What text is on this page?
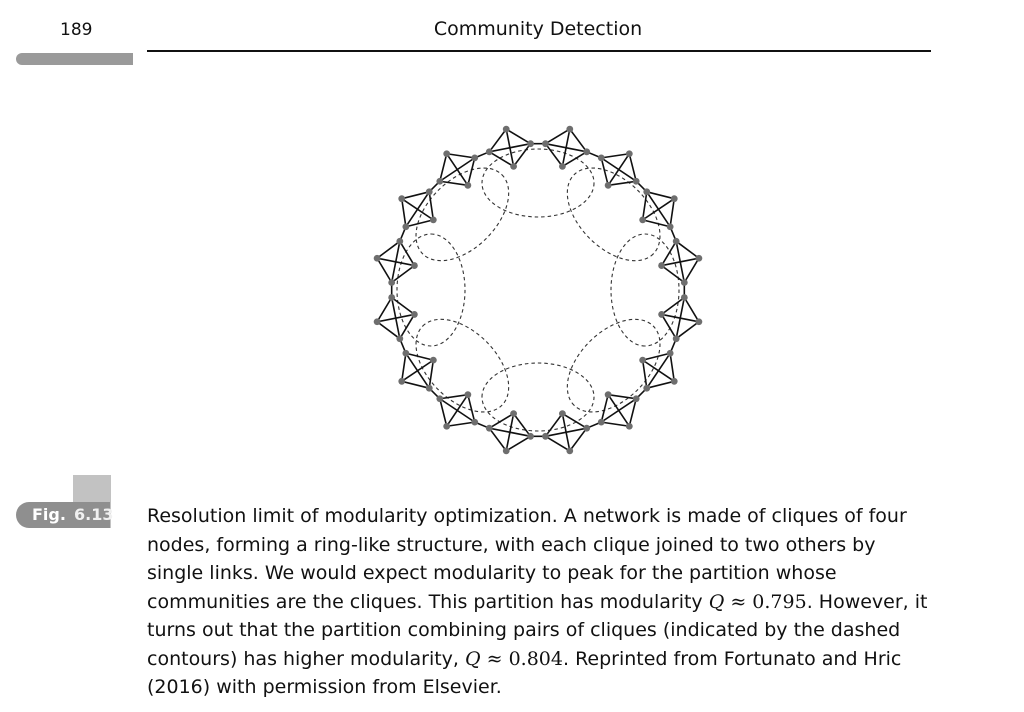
189	Community Detection
Fig. 6.13 Resolution limit of modularity optimization. A network is made of cliques of four nodes, forming a ring-like structure, with each clique joined to two others by single links. We would expect modularity to peak for the partition whose communities are the cliques. This partition has modularity Q ≈ 0.795. However, it turns out that the partition combining pairs of cliques (indicated by the dashed contours) has higher modularity, Q ≈ 0.804. Reprinted from Fortunato and Hric (2016) with permission from Elsevier.
